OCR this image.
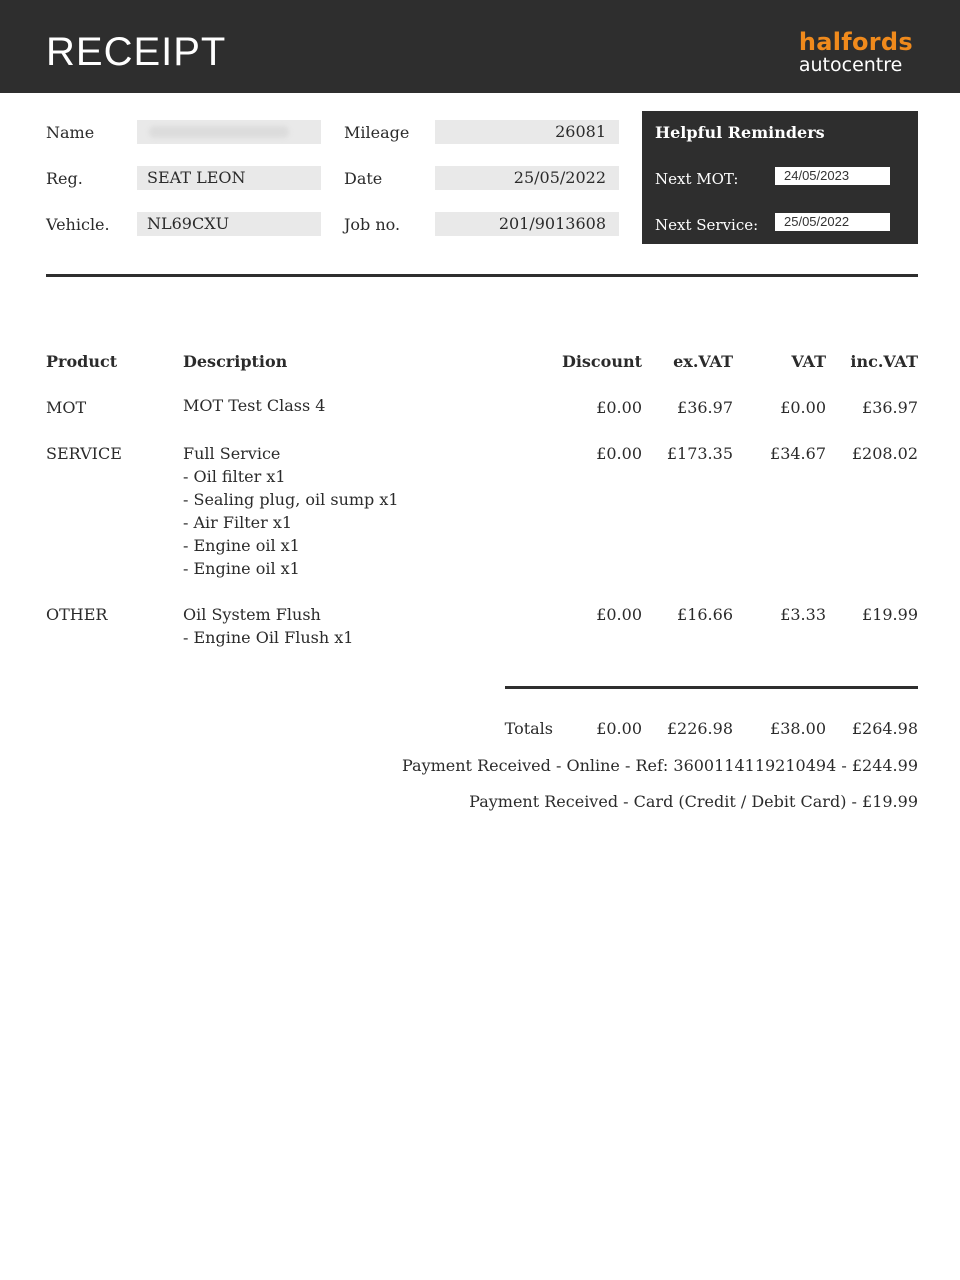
RECEIPT	halfords
autocentre
Name
Reg.	SEAT LEON
Vehicle.	NL69CXU
Mileage	26081
Date	25/05/2022
Job no.	201/9013608
Helpful Reminders
Next MOT:	24/05/2023
Next Service:	25/05/2022
Product	Description	Discount ex.VAT	VAT inc.VAT
MOT	MOT Test Class 4	£0.00 £36.97	£0.00 £36.97
SERVICE	Full Service
- Oil filter x1
- Sealing plug, oil sump x1
- Air Filter x1
- Engine oil x1
- Engine oil x1
£0.00 £173.35 £34.67 £208.02
OTHER	Oil System Flush
- Engine Oil Flush x1
£0.00 £16.66	£3.33 £19.99
Totals	£0.00 £226.98 £38.00 £264.98
Payment Received - Online - Ref: 3600114119210494 - £244.99
Payment Received - Card (Credit / Debit Card) - £19.99
